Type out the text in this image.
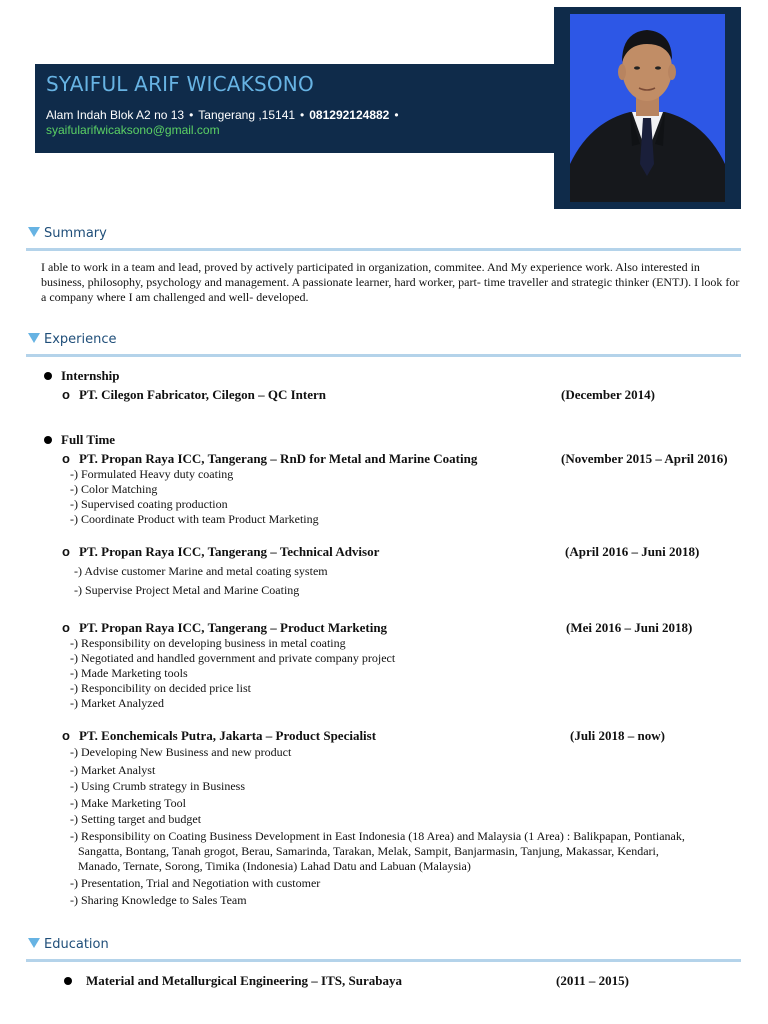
SYAIFUL ARIF WICAKSONO
Alam Indah Blok A2 no 13 • Tangerang ,15141 • 081292124882 •
syaifularifwicaksono@gmail.com
Summary
I able to work in a team and lead, proved by actively participated in organization, commitee. And My experience work. Also interested in business, philosophy, psychology and management. A passionate learner, hard worker, part- time traveller and strategic thinker (ENTJ). I look for a company where I am challenged and well- developed.
Experience
Internship
o PT. Cilegon Fabricator, Cilegon – QC Intern	(December 2014)
Full Time
o PT. Propan Raya ICC, Tangerang – RnD for Metal and Marine Coating	(November 2015 – April 2016)
-) Formulated Heavy duty coating
-) Color Matching
-) Supervised coating production
-) Coordinate Product with team Product Marketing
o PT. Propan Raya ICC, Tangerang – Technical Advisor	(April 2016 – Juni 2018)
-) Advise customer Marine and metal coating system
-) Supervise Project Metal and Marine Coating
o PT. Propan Raya ICC, Tangerang – Product Marketing	(Mei 2016 – Juni 2018)
-) Responsibility on developing business in metal coating
-) Negotiated and handled government and private company project
-) Made Marketing tools
-) Responcibility on decided price list
-) Market Analyzed
o PT. Eonchemicals Putra, Jakarta – Product Specialist	(Juli 2018 – now)
-) Developing New Business and new product
-) Market Analyst
-) Using Crumb strategy in Business
-) Make Marketing Tool
-) Setting target and budget
-) Responsibility on Coating Business Development in East Indonesia (18 Area) and Malaysia (1 Area) : Balikpapan, Pontianak,
Sangatta, Bontang, Tanah grogot, Berau, Samarinda, Tarakan, Melak, Sampit, Banjarmasin, Tanjung, Makassar, Kendari,
Manado, Ternate, Sorong, Timika (Indonesia) Lahad Datu and Labuan (Malaysia)
-) Presentation, Trial and Negotiation with customer
-) Sharing Knowledge to Sales Team
Education
Material and Metallurgical Engineering – ITS, Surabaya	(2011 – 2015)
